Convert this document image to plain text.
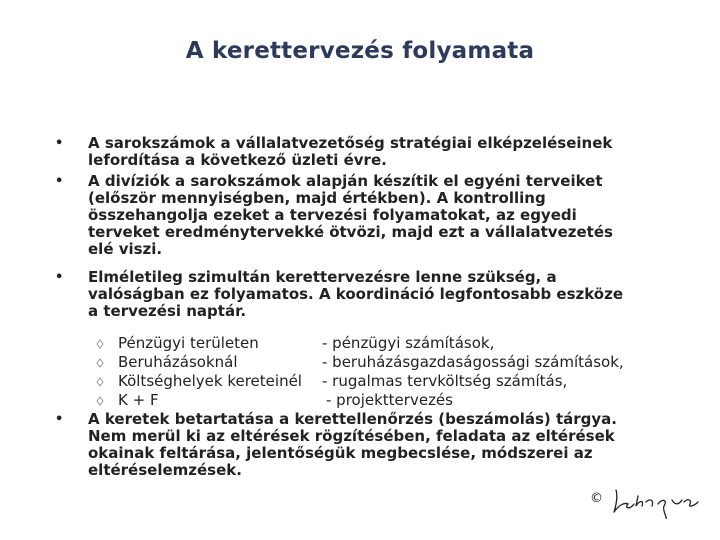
A kerettervezés folyamata
• A sarokszámok a vállalatvezetőség stratégiai elképzeléseinek
lefordítása a következő üzleti évre.
• A divíziók a sarokszámok alapján készítik el egyéni terveiket
(először mennyiségben, majd értékben). A kontrolling
összehangolja ezeket a tervezési folyamatokat, az egyedi
terveket eredménytervekké ötvözi, majd ezt a vállalatvezetés
elé viszi.
• Elméletileg szimultán kerettervezésre lenne szükség, a
valóságban ez folyamatos. A koordináció legfontosabb eszköze
a tervezési naptár.
Pénzügyi területen	- pénzügyi számítások,
Beruházásoknál	- beruházásgazdaságossági számítások,
Költséghelyek kereteinél - rugalmas tervköltség számítás,
K + F	- projekttervezés
• A keretek betartatása a kerettellenőrzés (beszámolás) tárgya.
Nem merül ki az eltérések rögzítésében, feladata az eltérések
okainak feltárása, jelentőségük megbecslése, módszerei az
eltéréselemzések.
©
